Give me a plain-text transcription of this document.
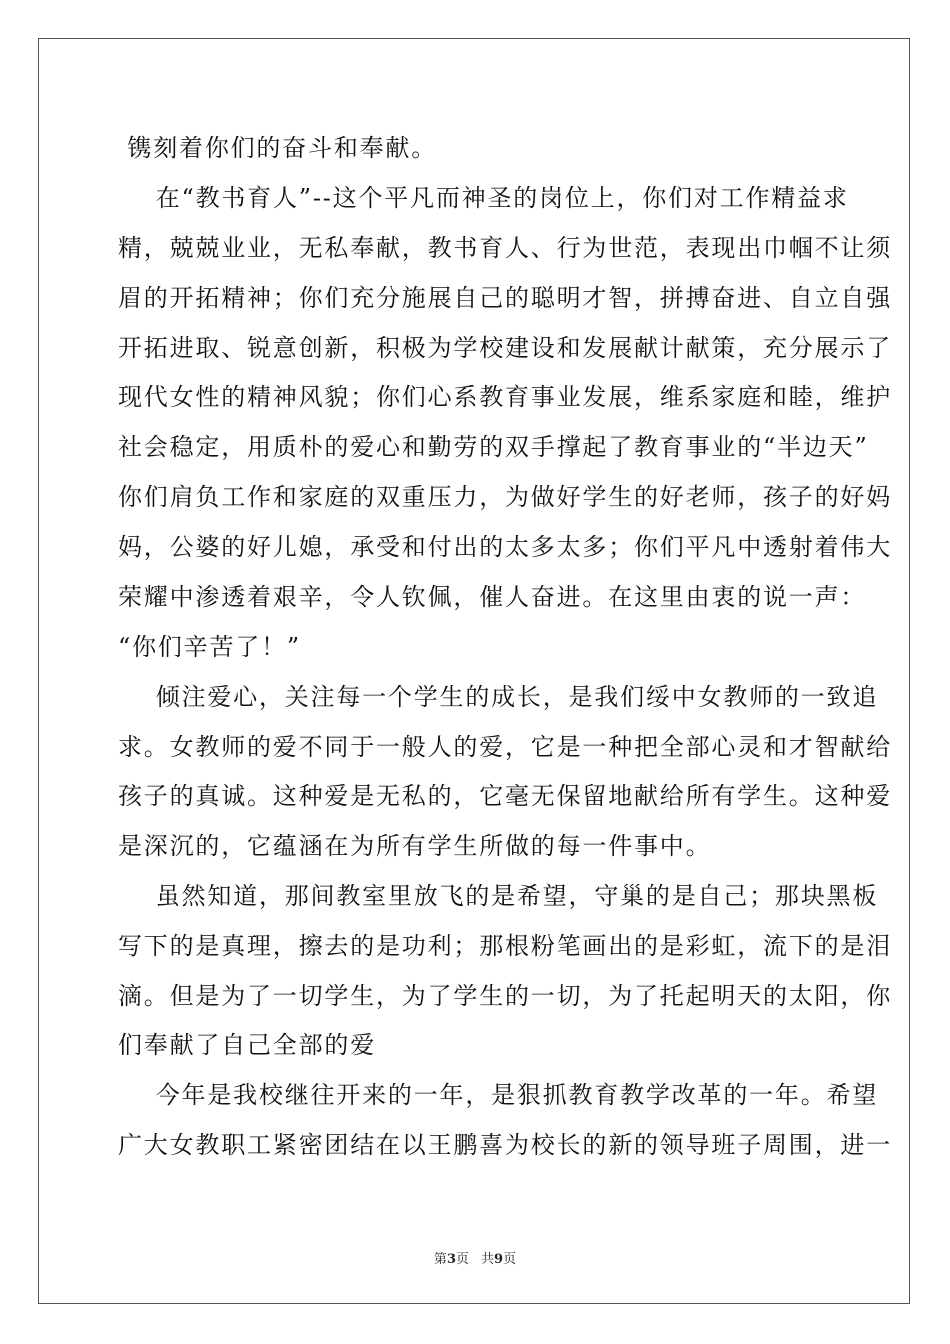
镌刻着你们的奋斗和奉献。
在“教书育人”--这个平凡而神圣的岗位上，你们对工作精益求
精，兢兢业业，无私奉献，教书育人、行为世范，表现出巾帼不让须
眉的开拓精神；你们充分施展自己的聪明才智，拼搏奋进、自立自强
开拓进取、锐意创新，积极为学校建设和发展献计献策，充分展示了
现代女性的精神风貌；你们心系教育事业发展，维系家庭和睦，维护
社会稳定，用质朴的爱心和勤劳的双手撑起了教育事业的“半边天”
你们肩负工作和家庭的双重压力，为做好学生的好老师，孩子的好妈
妈，公婆的好儿媳，承受和付出的太多太多；你们平凡中透射着伟大
荣耀中渗透着艰辛，令人钦佩，催人奋进。在这里由衷的说一声：
“你们辛苦了！”
倾注爱心，关注每一个学生的成长，是我们绥中女教师的一致追
求。女教师的爱不同于一般人的爱，它是一种把全部心灵和才智献给
孩子的真诚。这种爱是无私的，它毫无保留地献给所有学生。这种爱
是深沉的，它蕴涵在为所有学生所做的每一件事中。
虽然知道，那间教室里放飞的是希望，守巢的是自己；那块黑板
写下的是真理，擦去的是功利；那根粉笔画出的是彩虹，流下的是泪
滴。但是为了一切学生，为了学生的一切，为了托起明天的太阳，你
们奉献了自己全部的爱
今年是我校继往开来的一年，是狠抓教育教学改革的一年。希望
广大女教职工紧密团结在以王鹏喜为校长的新的领导班子周围，进一
第3页 共9页
